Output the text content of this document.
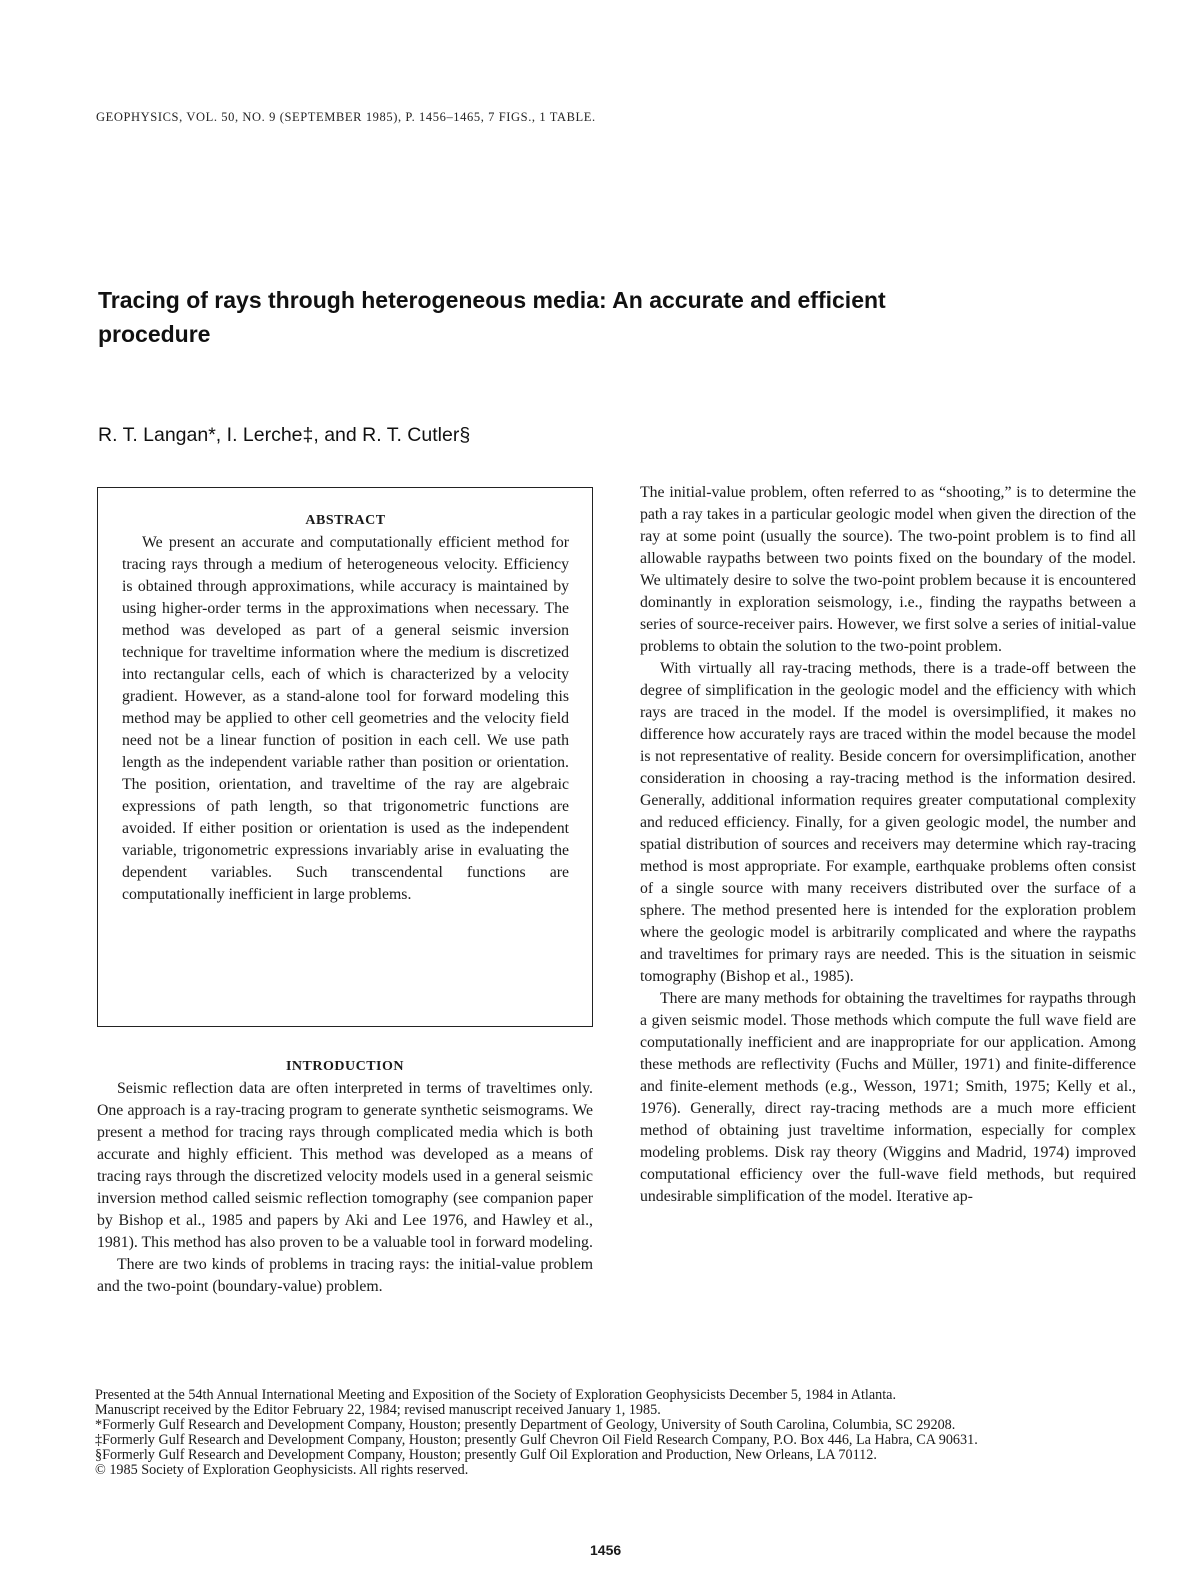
GEOPHYSICS, VOL. 50, NO. 9 (SEPTEMBER 1985), P. 1456–1465, 7 FIGS., 1 TABLE.
Tracing of rays through heterogeneous media: An accurate and efficient procedure
R. T. Langan*, I. Lerche‡, and R. T. Cutler§
ABSTRACT

We present an accurate and computationally efficient method for tracing rays through a medium of heterogeneous velocity. Efficiency is obtained through approximations, while accuracy is maintained by using higher-order terms in the approximations when necessary. The method was developed as part of a general seismic inversion technique for traveltime information where the medium is discretized into rectangular cells, each of which is characterized by a velocity gradient. However, as a stand-alone tool for forward modeling this method may be applied to other cell geometries and the velocity field need not be a linear function of position in each cell. We use path length as the independent variable rather than position or orientation. The position, orientation, and traveltime of the ray are algebraic expressions of path length, so that trigonometric functions are avoided. If either position or orientation is used as the independent variable, trigonometric expressions invariably arise in evaluating the dependent variables. Such transcendental functions are computationally inefficient in large problems.

INTRODUCTION

Seismic reflection data are often interpreted in terms of traveltimes only. One approach is a ray-tracing program to generate synthetic seismograms. We present a method for tracing rays through complicated media which is both accurate and highly efficient. This method was developed as a means of tracing rays through the discretized velocity models used in a general seismic inversion method called seismic reflection tomography (see companion paper by Bishop et al., 1985 and papers by Aki and Lee 1976, and Hawley et al., 1981). This method has also proven to be a valuable tool in forward modeling.

There are two kinds of problems in tracing rays: the initial-value problem and the two-point (boundary-value) problem.

The initial-value problem, often referred to as “shooting,” is to determine the path a ray takes in a particular geologic model when given the direction of the ray at some point (usually the source). The two-point problem is to find all allowable raypaths between two points fixed on the boundary of the model. We ultimately desire to solve the two-point problem because it is encountered dominantly in exploration seismology, i.e., finding the raypaths between a series of source-receiver pairs. However, we first solve a series of initial-value problems to obtain the solution to the two-point problem.

With virtually all ray-tracing methods, there is a trade-off between the degree of simplification in the geologic model and the efficiency with which rays are traced in the model. If the model is oversimplified, it makes no difference how accurately rays are traced within the model because the model is not representative of reality. Beside concern for oversimplification, another consideration in choosing a ray-tracing method is the information desired. Generally, additional information requires greater computational complexity and reduced efficiency. Finally, for a given geologic model, the number and spatial distribution of sources and receivers may determine which ray-tracing method is most appropriate. For example, earthquake problems often consist of a single source with many receivers distributed over the surface of a sphere. The method presented here is intended for the exploration problem where the geologic model is arbitrarily complicated and where the raypaths and traveltimes for primary rays are needed. This is the situation in seismic tomography (Bishop et al., 1985).

There are many methods for obtaining the traveltimes for raypaths through a given seismic model. Those methods which compute the full wave field are computationally inefficient and are inappropriate for our application. Among these methods are reflectivity (Fuchs and Müller, 1971) and finite-difference and finite-element methods (e.g., Wesson, 1971; Smith, 1975; Kelly et al., 1976). Generally, direct ray-tracing methods are a much more efficient method of obtaining just traveltime information, especially for complex modeling problems. Disk ray theory (Wiggins and Madrid, 1974) improved computational efficiency over the full-wave field methods, but required undesirable simplification of the model. Iterative ap-

Presented at the 54th Annual International Meeting and Exposition of the Society of Exploration Geophysicists December 5, 1984 in Atlanta.
Manuscript received by the Editor February 22, 1984; revised manuscript received January 1, 1985.
*Formerly Gulf Research and Development Company, Houston; presently Department of Geology, University of South Carolina, Columbia, SC 29208.
‡Formerly Gulf Research and Development Company, Houston; presently Gulf Chevron Oil Field Research Company, P.O. Box 446, La Habra, CA 90631.
§Formerly Gulf Research and Development Company, Houston; presently Gulf Oil Exploration and Production, New Orleans, LA 70112.
© 1985 Society of Exploration Geophysicists. All rights reserved.
1456
